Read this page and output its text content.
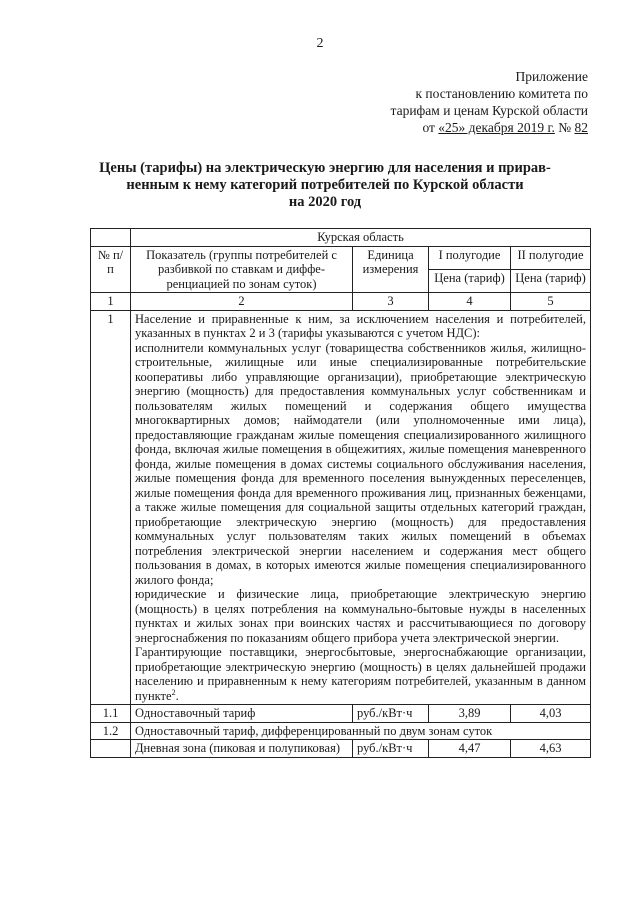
2
Приложение
к постановлению комитета по
тарифам и ценам Курской области
от «25» декабря 2019 г. № 82
Цены (тарифы) на электрическую энергию для населения и прирав-
ненным к нему категорий потребителей по Курской области
на 2020 год
	Курская область			
№ п/п	Показатель (группы потребителей с разбивкой по ставкам и диффе-ренциацией по зонам суток)	Единица измерения	I полугодие	II полугодие
			Цена (тариф)	Цена (тариф)
1	2	3	4	5
1	Население и приравненные к ним, за исключением населения и потребителей, указанных в пунктах 2 и 3 (тарифы указываются с учетом НДС):

исполнители коммунальных услуг (товарищества собственников жилья, жилищно-строительные, жилищные или иные специализированные потребительские кооперативы либо управляющие организации), приобретающие электрическую энергию (мощность) для предоставления коммунальных услуг собственникам и пользователям жилых помещений и содержания общего имущества многоквартирных домов; наймодатели (или уполномоченные ими лица), предоставляющие гражданам жилые помещения специализированного жилищного фонда, включая жилые помещения в общежитиях, жилые помещения маневренного фонда, жилые помещения в домах системы социального обслуживания населения, жилые помещения фонда для временного поселения вынужденных переселенцев, жилые помещения фонда для временного проживания лиц, признанных беженцами, а также жилые помещения для социальной защиты отдельных категорий граждан, приобретающие электрическую энергию (мощность) для предоставления коммунальных услуг пользователям таких жилых помещений в объемах потребления электрической энергии населением и содержания мест общего пользования в домах, в которых имеются жилые помещения специализированного жилого фонда;

юридические и физические лица, приобретающие электрическую энергию (мощность) в целях потребления на коммунально-бытовые нужды в населенных пунктах и жилых зонах при воинских частях и рассчитывающиеся по договору энергоснабжения по показаниям общего прибора учета электрической энергии.

Гарантирующие поставщики, энергосбытовые, энергоснабжающие организации, приобретающие электрическую энергию (мощность) в целях дальнейшей продажи населению и приравненным к нему категориям потребителей, указанным в данном пункте$^2$.			

1.1	Одноставочный тариф	руб./кВт·ч	3,89	4,03
1.2	Одноставочный тариф, дифференцированный по двум зонам суток			
	Дневная зона (пиковая и полупиковая)	руб./кВт·ч	4,47	4,63
